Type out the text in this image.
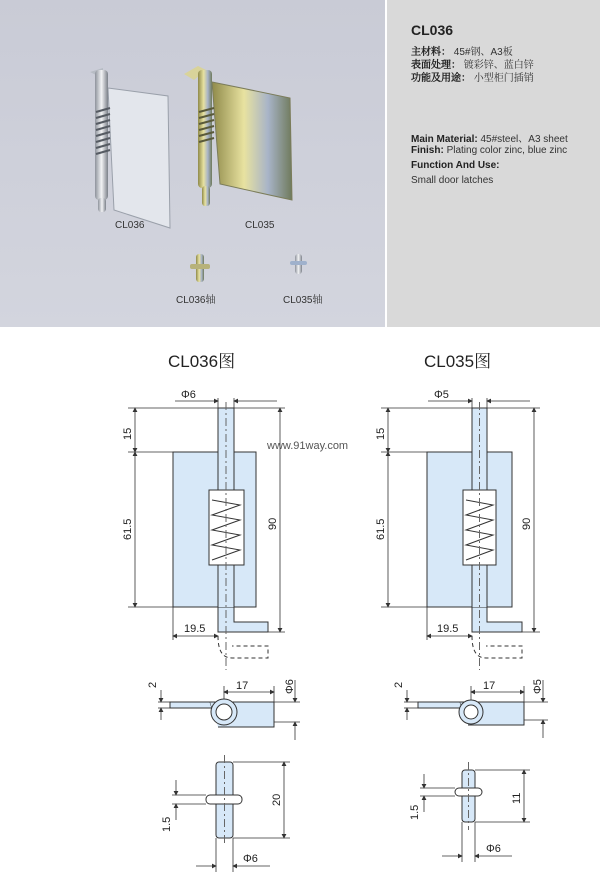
CL036	CL035
CL036轴	CL035轴
CL036
主材料： 45#钢、A3板
表面处理： 镀彩锌、蓝白锌
功能及用途： 小型柜门插销
Main Material: 45#steel、A3 sheet
Finish: Plating color zinc, blue zinc
Function And Use:
Small door latches
CL036图	CL035图
www.91way.com
Φ6
15
61.5	90
19.5
2	17	Φ6
20
1.5
Φ6
Φ5
15
61.5	90
19.5
2	17	Φ5
11
1.5
Φ6
